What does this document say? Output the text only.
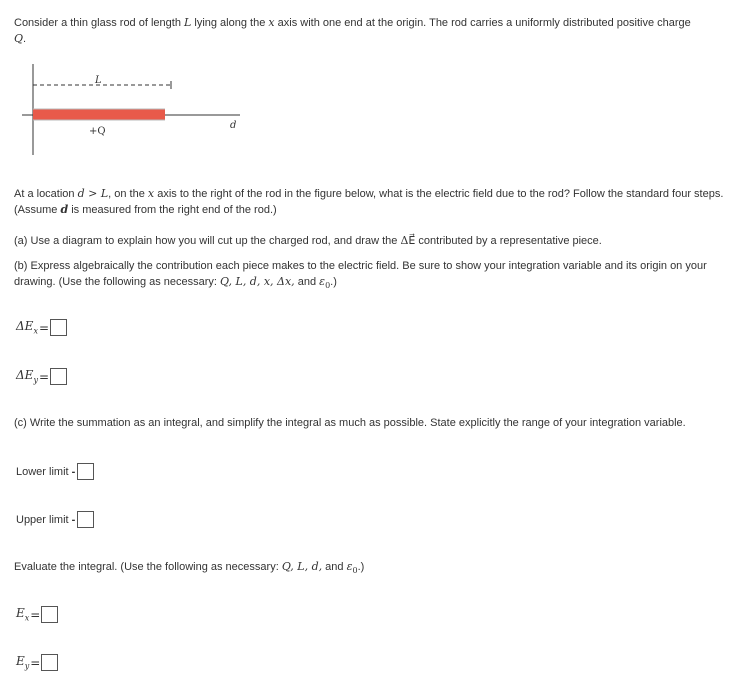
Consider a thin glass rod of length L lying along the x axis with one end at the origin. The rod carries a uniformly distributed positive charge
Q.

L
+Q
d

At a location d > L, on the x axis to the right of the rod in the figure below, what is the electric field due to the rod? Follow the standard four steps. (Assume d is measured from the right end of the rod.)

(a) Use a diagram to explain how you will cut up the charged rod, and draw the ΔE⃗ contributed by a representative piece.

(b) Express algebraically the contribution each piece makes to the electric field. Be sure to show your integration variable and its origin on your drawing. (Use the following as necessary: Q, L, d, x, Δx, and $\varepsilon_0$.)

$\Delta E_x$ =
$\Delta E_y$ =

(c) Write the summation as an integral, and simplify the integral as much as possible. State explicitly the range of your integration variable.

Lower limit -
Upper limit -

Evaluate the integral. (Use the following as necessary: Q, L, d, and $\varepsilon_0$.)

$E_x$ =
$E_y$ =
